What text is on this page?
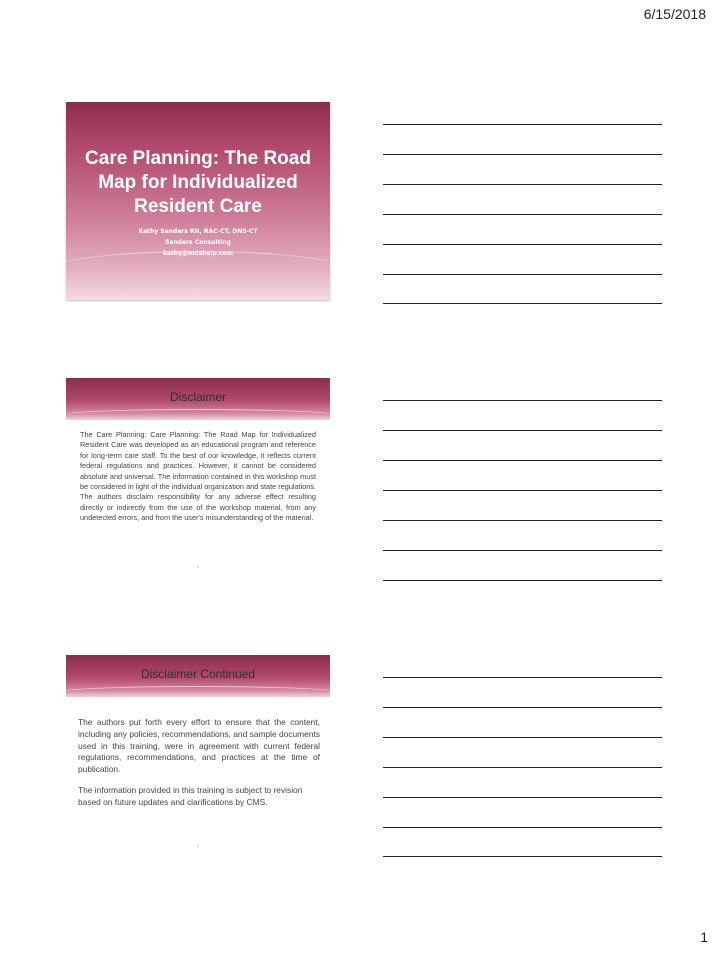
6/15/2018
Care Planning: The Road Map for Individualized Resident Care
Kathy Sanders RN, RAC-CT, DNS-CT
Sanders Consulting
kathy@mdshelp.com
1
Disclaimer
The Care Planning: Care Planning: The Road Map for Individualized Resident Care was developed as an educational program and reference for long-term care staff. To the best of our knowledge, it reflects current federal regulations and practices. However, it cannot be considered absolute and universal. The information contained in this workshop must be considered in light of the individual organization and state regulations. The authors disclaim responsibility for any adverse effect resulting directly or indirectly from the use of the workshop material, from any undetected errors, and from the user's misunderstanding of the material.
2
Disclaimer Continued

The authors put forth every effort to ensure that the content, including any policies, recommendations, and sample documents used in this training, were in agreement with current federal regulations, recommendations, and practices at the time of publication.

The information provided in this training is subject to revision based on future updates and clarifications by CMS.

3
1
